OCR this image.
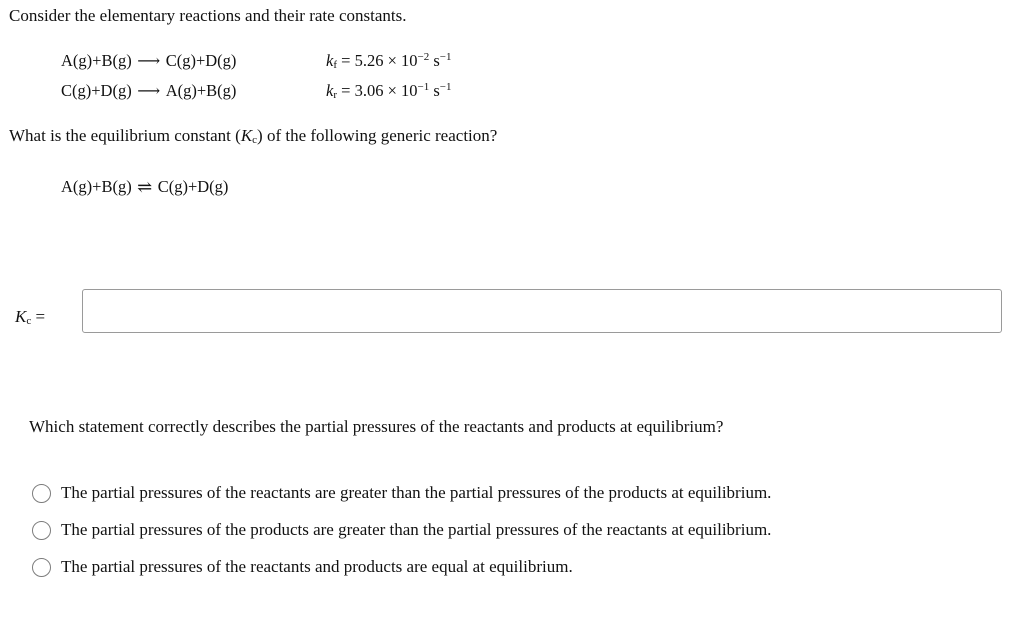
Consider the elementary reactions and their rate constants.
A(g)+B(g) ⟶ C(g)+D(g)	$k_f = 5.26 \times 10^{-2}$ $s^{-1}$
C(g)+D(g) ⟶ A(g)+B(g)	$k_r = 3.06 \times 10^{-1}$ $s^{-1}$
What is the equilibrium constant $(K_c)$ of the following generic reaction?
A(g)+B(g) ⇌ C(g)+D(g)
$K_c$ =
Which statement correctly describes the partial pressures of the reactants and products at equilibrium?
The partial pressures of the reactants are greater than the partial pressures of the products at equilibrium.
The partial pressures of the products are greater than the partial pressures of the reactants at equilibrium.
The partial pressures of the reactants and products are equal at equilibrium.
